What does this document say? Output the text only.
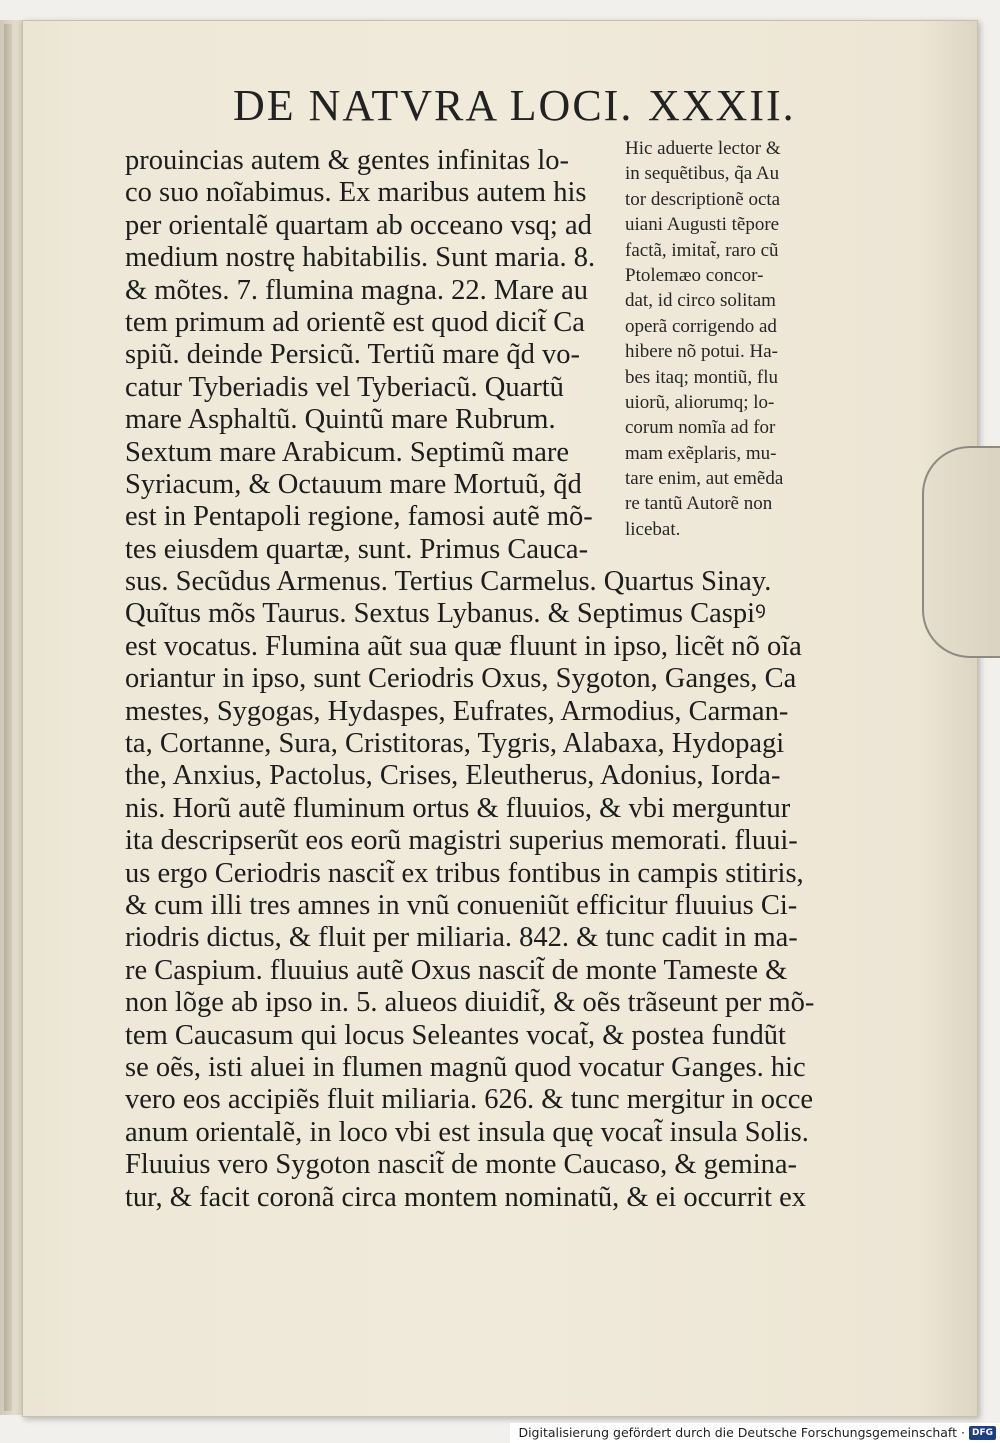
DE NATVRA LOCI. XXXII.
Hic aduerte lector &
in sequẽtibus, q̃a Au
tor descriptionẽ octa
uiani Augusti tẽpore
factã, imitat̃, raro cũ
Ptolemæo concor-
dat, id circo solitam
operã corrigendo ad
hibere nõ potui. Ha-
bes itaq; montiũ, flu
uiorũ, aliorumq; lo-
corum nomĩa ad for
mam exẽplaris, mu-
tare enim, aut emẽda
re tantũ Autorẽ non
licebat.
prouincias autem & gentes infinitas lo-
co suo noĩabimus. Ex maribus autem his
per orientalẽ quartam ab occeano vsq; ad
medium nostrę habitabilis. Sunt maria. 8.
& mõtes. 7. flumina magna. 22. Mare au
tem primum ad orientẽ est quod dicit̃ Ca
spiũ. deinde Persicũ. Tertiũ mare q̃d vo-
catur Tyberiadis vel Tyberiacũ. Quartũ
mare Asphaltũ. Quintũ mare Rubrum.
Sextum mare Arabicum. Septimũ mare
Syriacum, & Octauum mare Mortuũ, q̃d
est in Pentapoli regione, famosi autẽ mõ-
tes eiusdem quartæ, sunt. Primus Cauca-
sus. Secũdus Armenus. Tertius Carmelus. Quartus Sinay.
Quĩtus mõs Taurus. Sextus Lybanus. & Septimus Caspiꝰ
est vocatus. Flumina aũt sua quæ fluunt in ipso, licẽt nõ oĩa
oriantur in ipso, sunt Ceriodris Oxus, Sygoton, Ganges, Ca
mestes, Sygogas, Hydaspes, Eufrates, Armodius, Carman-
ta, Cortanne, Sura, Cristitoras, Tygris, Alabaxa, Hydopagi
the, Anxius, Pactolus, Crises, Eleutherus, Adonius, Iorda-
nis. Horũ autẽ fluminum ortus & fluuios, & vbi merguntur
ita descripserũt eos eorũ magistri superius memorati. fluui-
us ergo Ceriodris nascit̃ ex tribus fontibus in campis stitiris,
& cum illi tres amnes in vnũ conueniũt efficitur fluuius Ci-
riodris dictus, & fluit per miliaria. 842. & tunc cadit in ma-
re Caspium. fluuius autẽ Oxus nascit̃ de monte Tameste &
non lõge ab ipso in. 5. alueos diuidit̃, & oẽs trãseunt per mõ-
tem Caucasum qui locus Seleantes vocat̃, & postea fundũt
se oẽs, isti aluei in flumen magnũ quod vocatur Ganges. hic
vero eos accipiẽs fluit miliaria. 626. & tunc mergitur in occe
anum orientalẽ, in loco vbi est insula quę vocat̃ insula Solis.
Fluuius vero Sygoton nascit̃ de monte Caucaso, & gemina-
tur, & facit coronã circa montem nominatũ, & ei occurrit ex
Digitalisierung gefördert durch die Deutsche Forschungsgemeinschaft · DFG
